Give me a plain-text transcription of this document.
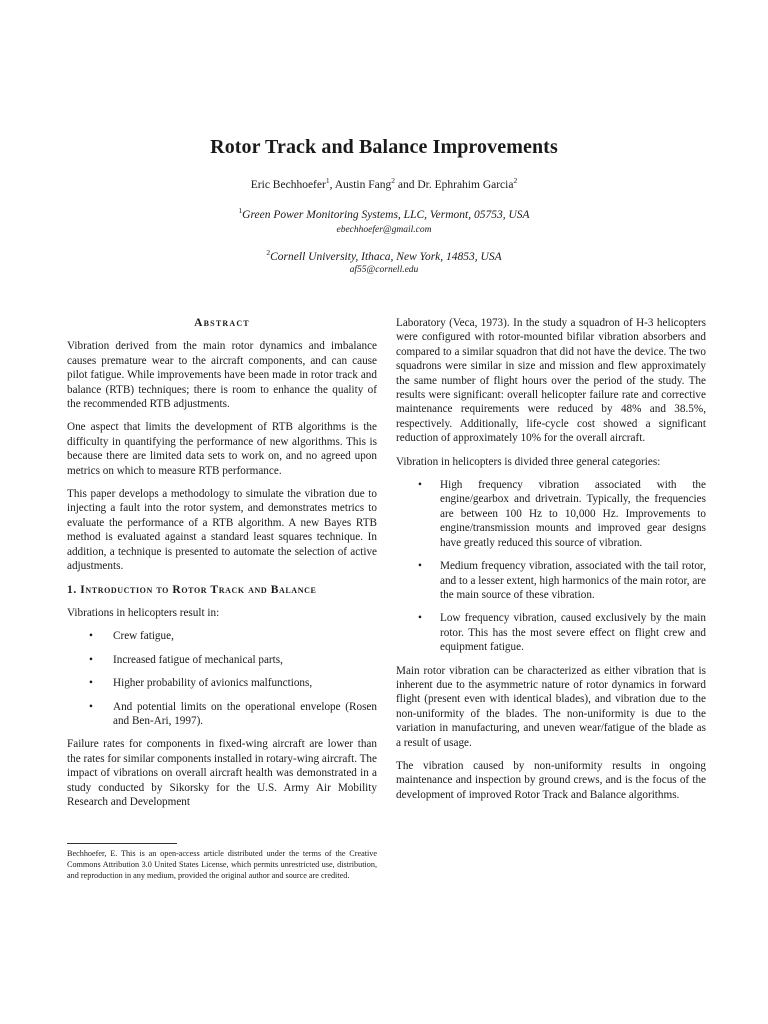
Rotor Track and Balance Improvements
Eric Bechhoefer$^1$, Austin Fang$^2$ and Dr. Ephrahim Garcia$^2$
$^1$Green Power Monitoring Systems, LLC, Vermont, 05753, USA
ebechhoefer@gmail.com
$^2$Cornell University, Ithaca, New York, 14853, USA
af55@cornell.edu
Abstract

Vibration derived from the main rotor dynamics and imbalance causes premature wear to the aircraft components, and can cause pilot fatigue. While improvements have been made in rotor track and balance (RTB) techniques; there is room to enhance the quality of the recommended RTB adjustments.

One aspect that limits the development of RTB algorithms is the difficulty in quantifying the performance of new algorithms. This is because there are limited data sets to work on, and no agreed upon metrics on which to measure RTB performance.

This paper develops a methodology to simulate the vibration due to injecting a fault into the rotor system, and demonstrates metrics to evaluate the performance of a RTB algorithm. A new Bayes RTB method is evaluated against a standard least squares technique. In addition, a technique is presented to automate the selection of active adjustments.

1. Introduction to Rotor Track and Balance

Vibrations in helicopters result in:

• Crew fatigue,
• Increased fatigue of mechanical parts,
• Higher probability of avionics malfunctions,
• And potential limits on the operational envelope (Rosen and Ben-Ari, 1997).

Failure rates for components in fixed-wing aircraft are lower than the rates for similar components installed in rotary-wing aircraft. The impact of vibrations on overall aircraft health was demonstrated in a study conducted by Sikorsky for the U.S. Army Air Mobility Research and Development

Bechhoefer, E. This is an open-access article distributed under the terms of the Creative Commons Attribution 3.0 United States License, which permits unrestricted use, distribution, and reproduction in any medium, provided the original author and source are credited.

Laboratory (Veca, 1973). In the study a squadron of H-3 helicopters were configured with rotor-mounted bifilar vibration absorbers and compared to a similar squadron that did not have the device. The two squadrons were similar in size and mission and flew approximately the same number of flight hours over the period of the study. The results were significant: overall helicopter failure rate and corrective maintenance requirements were reduced by 48% and 38.5%, respectively. Additionally, life-cycle cost showed a significant reduction of approximately 10% for the overall aircraft.

Vibration in helicopters is divided three general categories:

• High frequency vibration associated with the engine/gearbox and drivetrain. Typically, the frequencies are between 100 Hz to 10,000 Hz. Improvements to engine/transmission mounts and improved gear designs have greatly reduced this source of vibration.
• Medium frequency vibration, associated with the tail rotor, and to a lesser extent, high harmonics of the main rotor, are the main source of these vibration.
• Low frequency vibration, caused exclusively by the main rotor. This has the most severe effect on flight crew and equipment fatigue.

Main rotor vibration can be characterized as either vibration that is inherent due to the asymmetric nature of rotor dynamics in forward flight (present even with identical blades), and vibration due to the non-uniformity of the blades. The non-uniformity is due to the variation in manufacturing, and uneven wear/fatigue of the blade as a result of usage.

The vibration caused by non-uniformity results in ongoing maintenance and inspection by ground crews, and is the focus of the development of improved Rotor Track and Balance algorithms.
